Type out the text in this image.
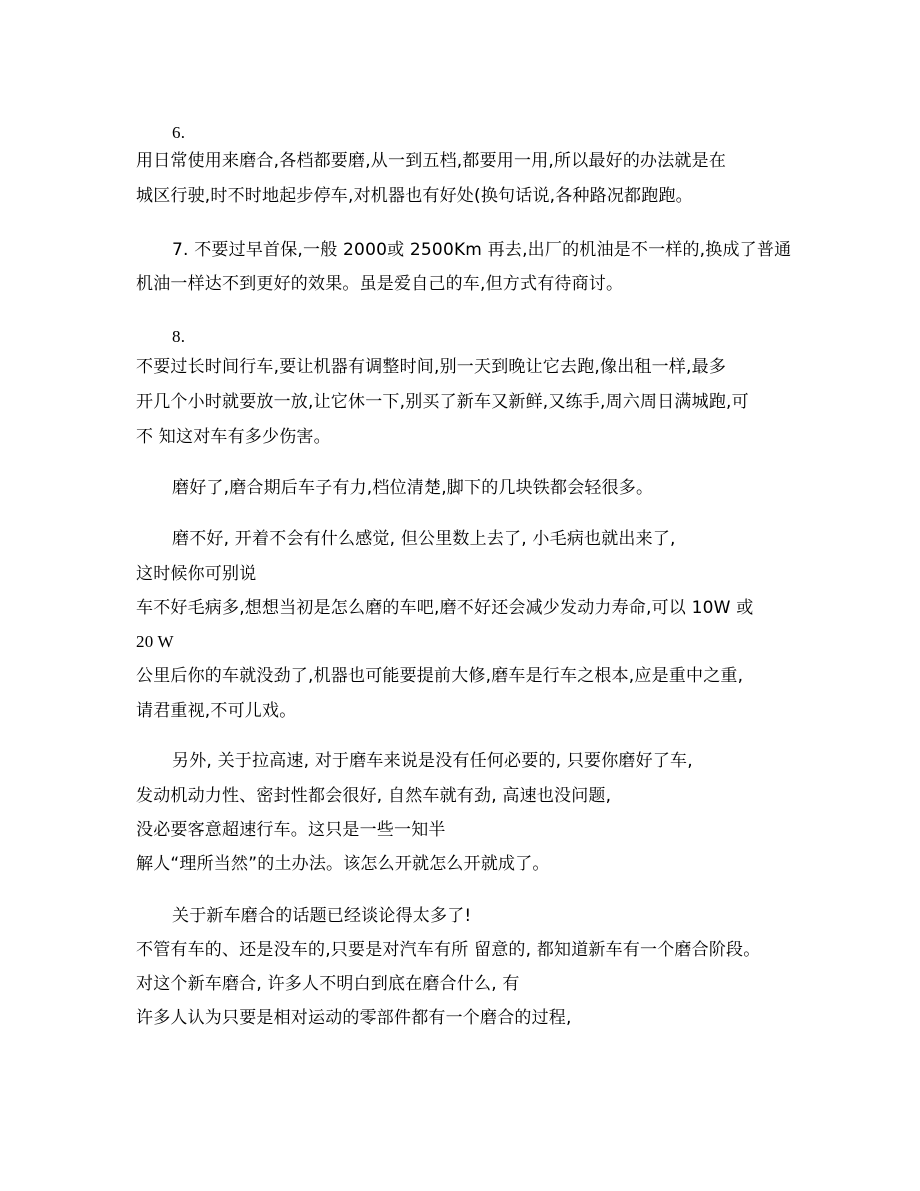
6.
用日常使用来磨合,各档都要磨,从一到五档,都要用一用,所以最好的办法就是在
城区行驶,时不时地起步停车,对机器也有好处(换句话说,各种路况都跑跑。
7. 不要过早首保,一般 2000或 2500Km 再去,出厂的机油是不一样的,换成了普通
机油一样达不到更好的效果。虽是爱自己的车,但方式有待商讨。
8.
不要过长时间行车,要让机器有调整时间,别一天到晚让它去跑,像出租一样,最多
开几个小时就要放一放,让它休一下,别买了新车又新鲜,又练手,周六周日满城跑,可
不 知这对车有多少伤害。
磨好了,磨合期后车子有力,档位清楚,脚下的几块铁都会轻很多。
磨不好, 开着不会有什么感觉, 但公里数上去了, 小毛病也就出来了,
这时候你可别说
车不好毛病多,想想当初是怎么磨的车吧,磨不好还会减少发动力寿命,可以 10W 或
20 W
公里后你的车就没劲了,机器也可能要提前大修,磨车是行车之根本,应是重中之重,
请君重视,不可儿戏。
另外, 关于拉高速, 对于磨车来说是没有任何必要的, 只要你磨好了车,
发动机动力性、密封性都会很好, 自然车就有劲, 高速也没问题,
没必要客意超速行车。这只是一些一知半
解人“理所当然”的土办法。该怎么开就怎么开就成了。
关于新车磨合的话题已经谈论得太多了!
不管有车的、还是没车的,只要是对汽车有所 留意的, 都知道新车有一个磨合阶段。
对这个新车磨合, 许多人不明白到底在磨合什么, 有
许多人认为只要是相对运动的零部件都有一个磨合的过程,
